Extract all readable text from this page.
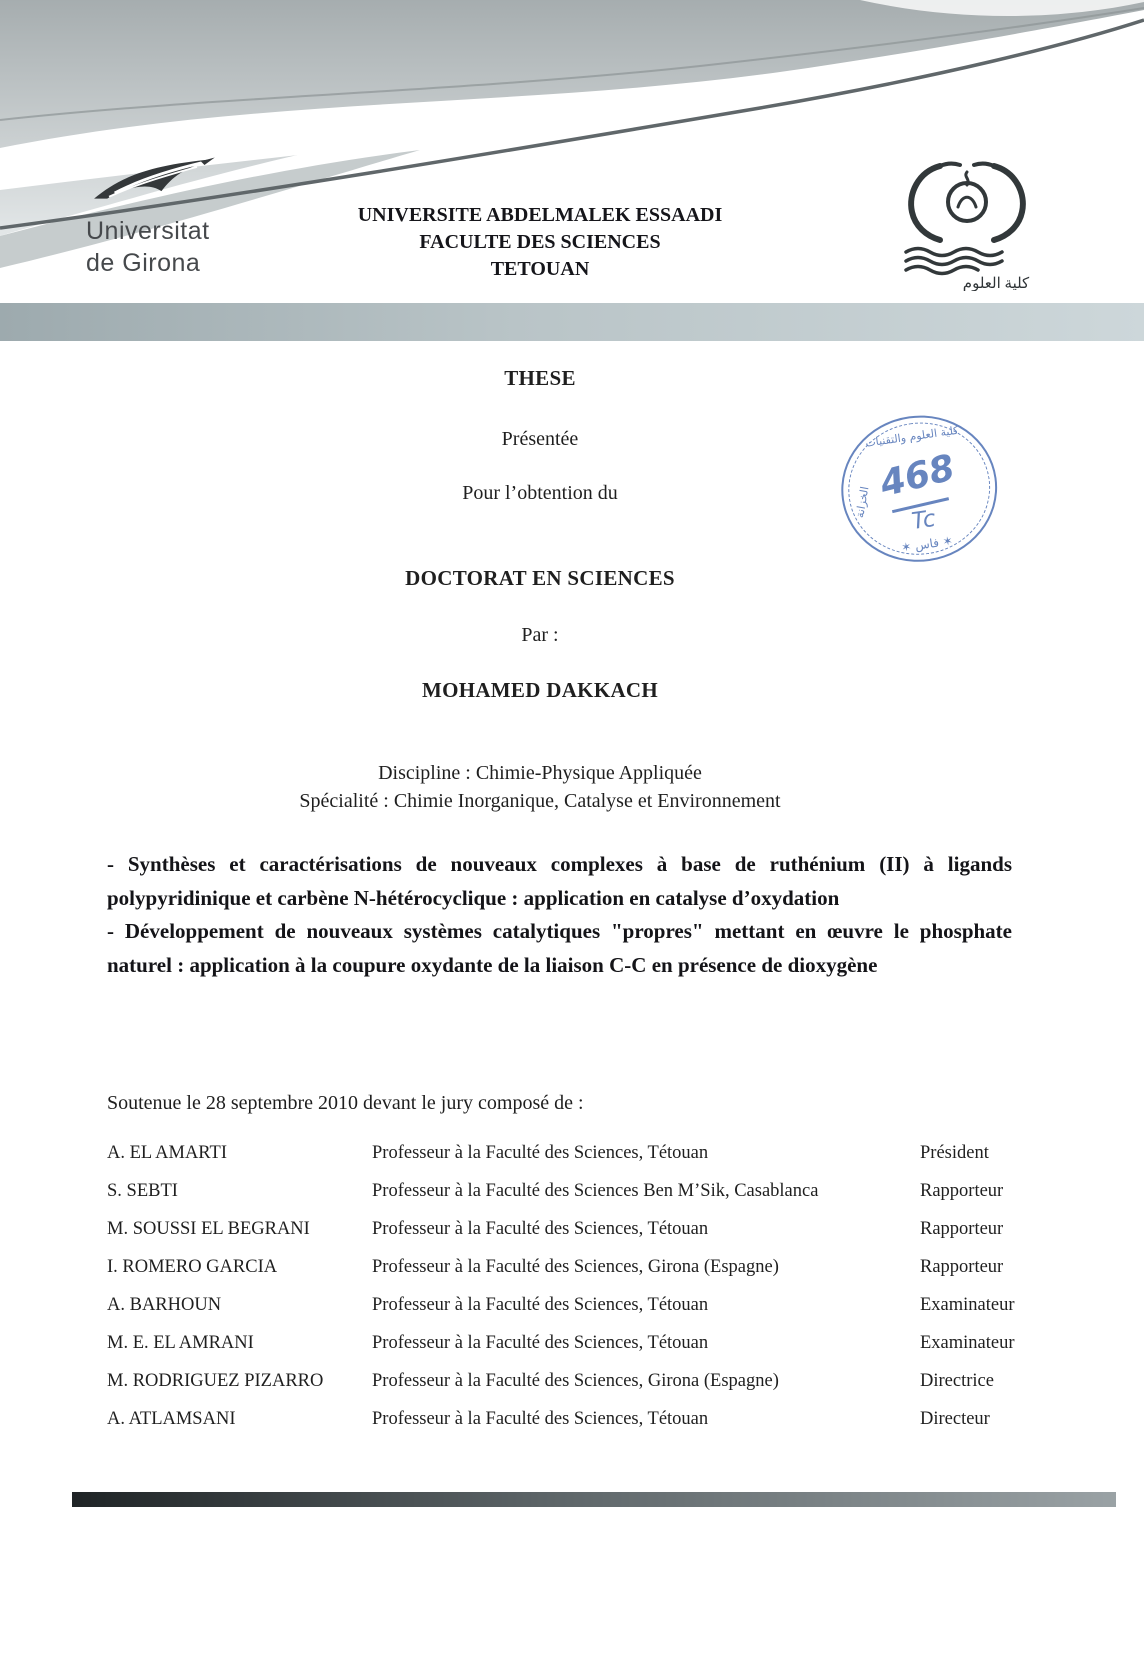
Universitat
de Girona
UNIVERSITE ABDELMALEK ESSAADI
FACULTE DES SCIENCES
TETOUAN
كلية العلوم
THESE
Présentée
Pour l’obtention du
DOCTORAT EN SCIENCES
Par :
MOHAMED DAKKACH
Discipline : Chimie-Physique Appliquée
Spécialité : Chimie Inorganique, Catalyse et Environnement
كلية العلوم والتقنيات
468
Tc
الخزانة
✶ فاس ✶

- Synthèses et caractérisations de nouveaux complexes à base de ruthénium (II) à ligands polypyridinique et carbène N-hétérocyclique : application en catalyse d’oxydation

- Développement de nouveaux systèmes catalytiques "propres" mettant en œuvre le phosphate naturel : application à la coupure oxydante de la liaison C-C en présence de dioxygène

Soutenue le 28 septembre 2010 devant le jury composé de :
A. EL AMARTI	Professeur à la Faculté des Sciences, Tétouan	Président
S. SEBTI	Professeur à la Faculté des Sciences Ben M’Sik, Casablanca	Rapporteur
M. SOUSSI EL BEGRANI	Professeur à la Faculté des Sciences, Tétouan	Rapporteur
I. ROMERO GARCIA	Professeur à la Faculté des Sciences, Girona (Espagne)	Rapporteur
A. BARHOUN	Professeur à la Faculté des Sciences, Tétouan	Examinateur
M. E. EL AMRANI	Professeur à la Faculté des Sciences, Tétouan	Examinateur
M. RODRIGUEZ PIZARRO	Professeur à la Faculté des Sciences, Girona (Espagne)	Directrice
A. ATLAMSANI	Professeur à la Faculté des Sciences, Tétouan	Directeur
